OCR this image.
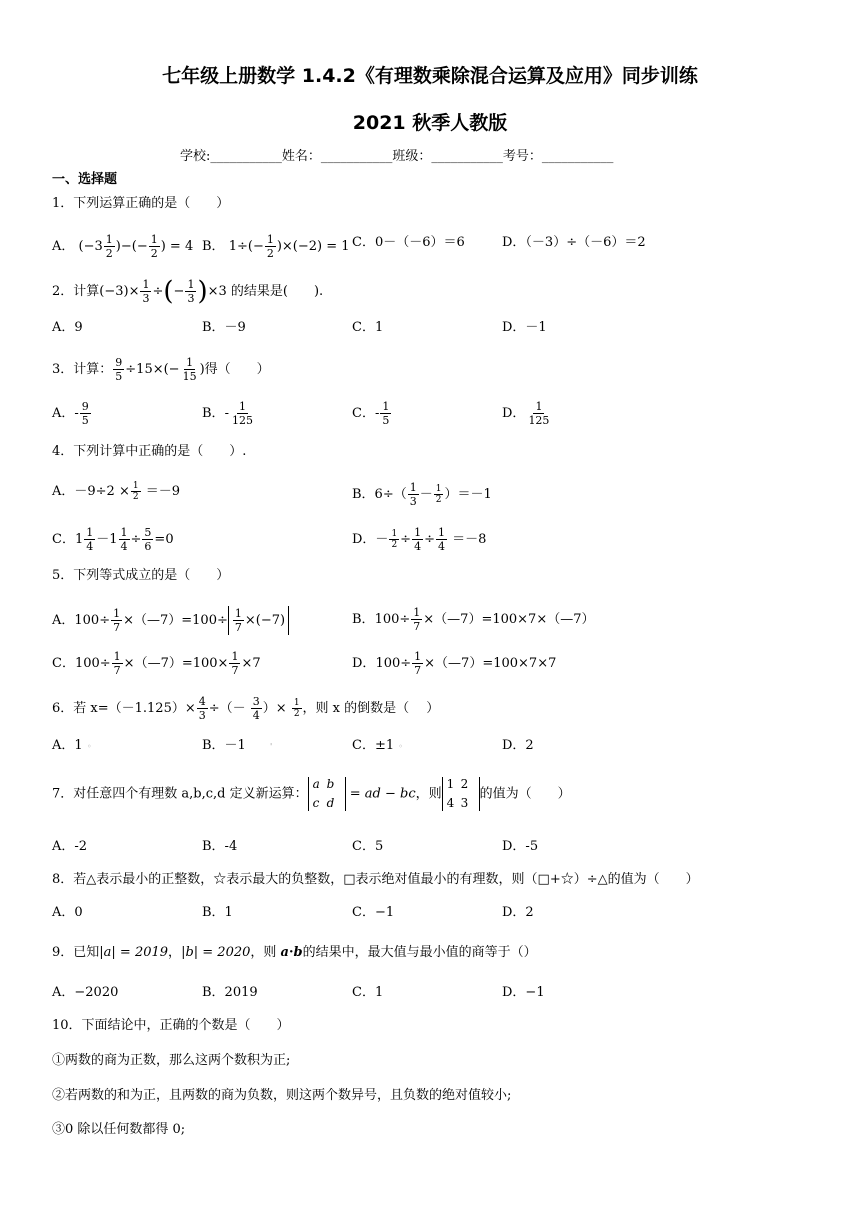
七年级上册数学 1.4.2《有理数乘除混合运算及应用》同步训练
2021 秋季人教版
学校:___________姓名：___________班级：___________考号：___________
一、选择题
1．下列运算正确的是（　　）
A． ($-3 \frac{1}{2}$ )−(− $\frac{1}{2}$ ) = 4 B． $1\div(- \frac{1}{2} )\times(-2) = 1$ C．0－（－6）＝6	D．（－3）÷（－6）＝2
2．计算$(-3)\times \frac{1}{3}$ ÷(− $\frac{1}{3} )\times 3$ 的结果是(　　).
A．9	B．－9	C．1	D．－1
3．计算： $\frac{9}{5} \div 15\times(- \frac{1}{15}$ )得（　　）
A．- $\frac{9}{5}$	B．- $\frac{1}{125}$	C．- $\frac{1}{5}$	D． $\frac{1}{125}$
4．下列计算中正确的是（　　）.
A．$-9\div 2 \times \frac{1}{2} =-9$	B．$6\div( \frac{1}{3} - \frac{1}{2} )=-1$
C．$1 \frac{1}{4} -1 \frac{1}{4} \div \frac{5}{6} =0$	D．－ $\frac{1}{2} \div \frac{1}{4} \div \frac{1}{4} =-8$
5．下列等式成立的是（　　）
A．$100\div \frac{1}{7}$ ×（—7）=100÷ $\frac{1}{7} \times(-7)$	B．$100\div \frac{1}{7}$ ×（—7）=100×7×（—7）
C．$100\div \frac{1}{7}$ ×（—7）=100× $\frac{1}{7} \times 7$	D．$100\div \frac{1}{7}$ ×（—7）=100×7×7
6．若 $x=(-1.125)\times \frac{4}{3}$ ÷（－ $\frac{3}{4}$ ）× $\frac{1}{2}$ ，则 x 的倒数是（　 ）
A．1 ◦	B．－1	'	C．±1 ◦	D．2
7．对任意四个有理数 a,b,c,d 定义新运算：
a b
c d
= ad − bc，则
1 2
4 3
的值为（　　）
A．-2	B．-4	C．5	D．-5
8．若△表示最小的正整数，☆表示最大的负整数，□表示绝对值最小的有理数，则（□+☆）÷△的值为（　　）
A．0	B．1	C．−1	D．2
9．已知|a| = 2019，|b| = 2020，则 a·b的结果中，最大值与最小值的商等于（）
A．−2020	B．2019	C．1	D．−1
10．下面结论中，正确的个数是（　　）
①两数的商为正数，那么这两个数积为正;
②若两数的和为正，且两数的商为负数，则这两个数异号，且负数的绝对值较小;
③0 除以任何数都得 0;
